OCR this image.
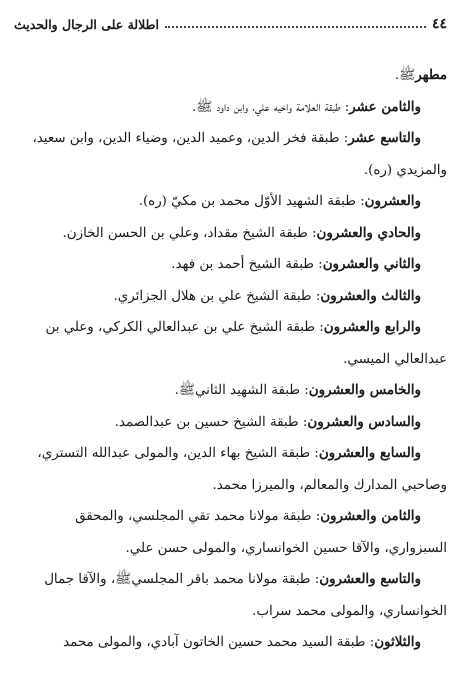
٤٤
اطلالة على الرجال والحديث

مطهرﷺ.

والثامن عشر: طبقة العلامة واخيه علي، وابن داود ﷺ.

والتاسع عشر: طبقة فخر الدين، وعميد الدين، وضياء الدين، وابن سعيد،

والمزيدي (ره).

والعشرون: طبقة الشهيد الأوّل محمد بن مكيّ (ره).

والحادي والعشرون: طبقة الشيخ مقداد، وعلي بن الحسن الخازن.

والثاني والعشرون: طبقة الشيخ أحمد بن فهد.

والثالث والعشرون: طبقة الشيخ علي بن هلال الجزائري.

والرابع والعشرون: طبقة الشيخ علي بن عبدالعالي الكركي، وعلي بن

عبدالعالي الميسي.

والخامس والعشرون: طبقة الشهيد الثانيﷺ.

والسادس والعشرون: طبقة الشيخ حسين بن عبدالصمد.

والسابع والعشرون: طبقة الشيخ بهاء الدين، والمولى عبدالله التستري،

وصاحبي المدارك والمعالم، والميرزا محمد.

والثامن والعشرون: طبقة مولانا محمد تقي المجلسي، والمحقق

السبزواري، والآقا حسين الخوانساري، والمولى حسن علي.

والتاسع والعشرون: طبقة مولانا محمد باقر المجلسيﷺ، والآقا جمال

الخوانساري، والمولى محمد سراب.

والثلاثون: طبقة السيد محمد حسين الخاتون آبادي، والمولى محمد
